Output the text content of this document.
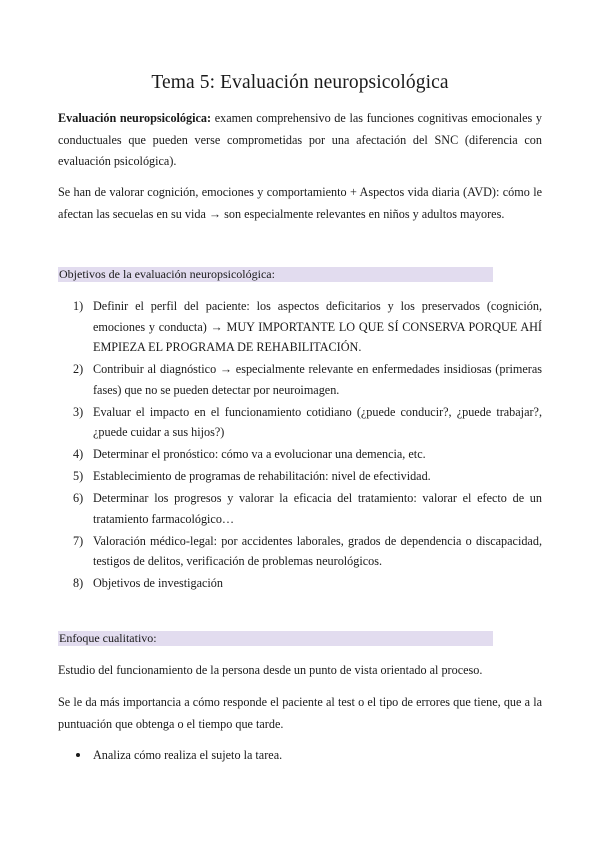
Tema 5: Evaluación neuropsicológica
Evaluación neuropsicológica: examen comprehensivo de las funciones cognitivas emocionales y conductuales que pueden verse comprometidas por una afectación del SNC (diferencia con evaluación psicológica).
Se han de valorar cognición, emociones y comportamiento + Aspectos vida diaria (AVD): cómo le afectan las secuelas en su vida → son especialmente relevantes en niños y adultos mayores.
Objetivos de la evaluación neuropsicológica:
1) Definir el perfil del paciente: los aspectos deficitarios y los preservados (cognición, emociones y conducta) → MUY IMPORTANTE LO QUE SÍ CONSERVA PORQUE AHÍ EMPIEZA EL PROGRAMA DE REHABILITACIÓN.
2) Contribuir al diagnóstico → especialmente relevante en enfermedades insidiosas (primeras fases) que no se pueden detectar por neuroimagen.
3) Evaluar el impacto en el funcionamiento cotidiano (¿puede conducir?, ¿puede trabajar?, ¿puede cuidar a sus hijos?)
4) Determinar el pronóstico: cómo va a evolucionar una demencia, etc.
5) Establecimiento de programas de rehabilitación: nivel de efectividad.
6) Determinar los progresos y valorar la eficacia del tratamiento: valorar el efecto de un tratamiento farmacológico…
7) Valoración médico-legal: por accidentes laborales, grados de dependencia o discapacidad, testigos de delitos, verificación de problemas neurológicos.
8) Objetivos de investigación
Enfoque cualitativo:
Estudio del funcionamiento de la persona desde un punto de vista orientado al proceso.
Se le da más importancia a cómo responde el paciente al test o el tipo de errores que tiene, que a la puntuación que obtenga o el tiempo que tarde.
Analiza cómo realiza el sujeto la tarea.
